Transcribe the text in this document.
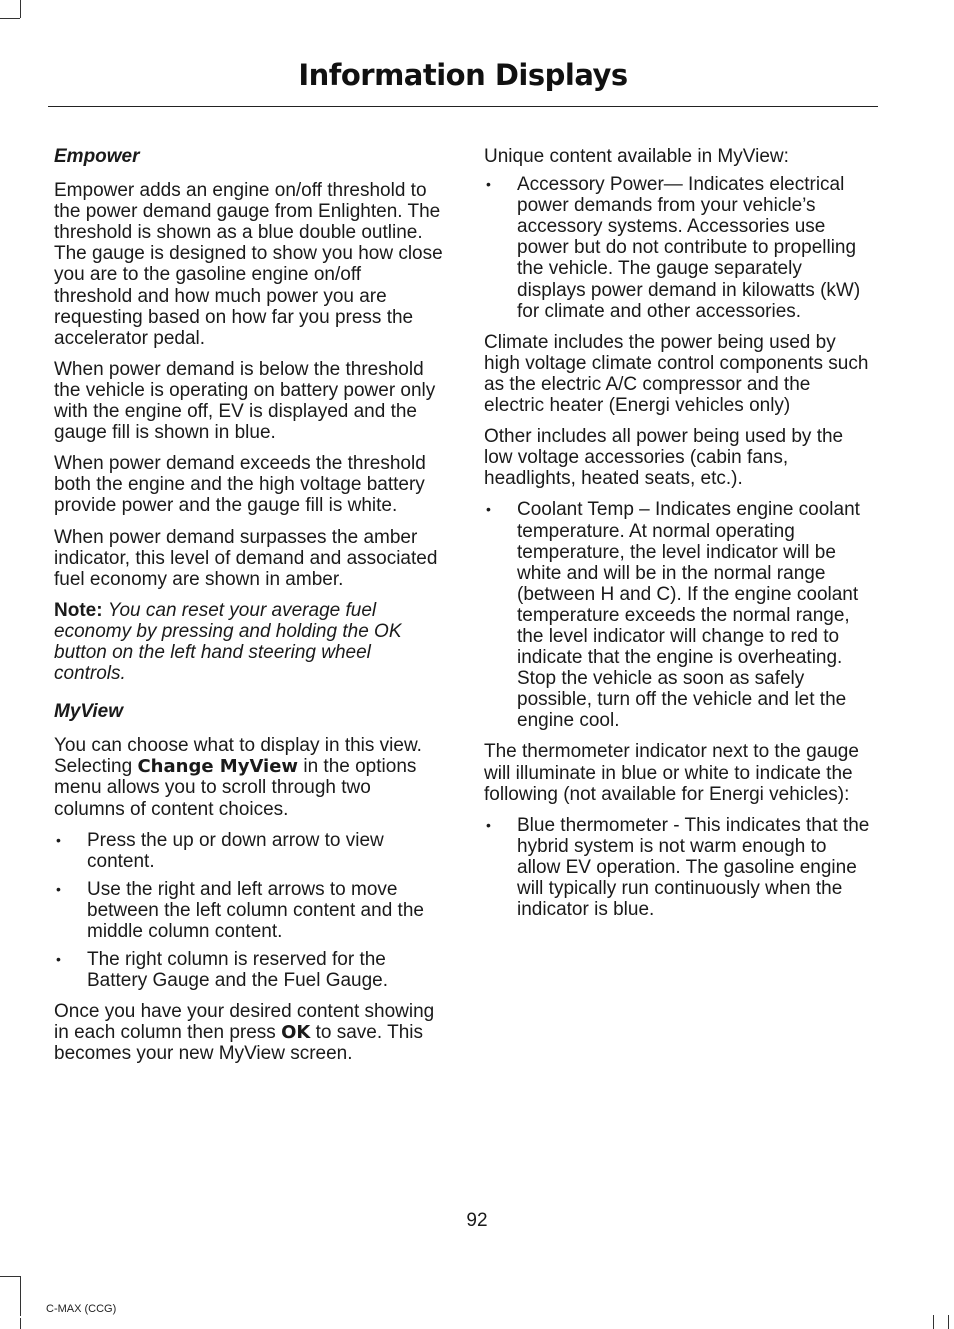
Information Displays
Empower

Empower adds an engine on/off threshold to the power demand gauge from Enlighten. The threshold is shown as a blue double outline. The gauge is designed to show you how close you are to the gasoline engine on/off threshold and how much power you are requesting based on how far you press the accelerator pedal.

When power demand is below the threshold the vehicle is operating on battery power only with the engine off, EV is displayed and the gauge fill is shown in blue.

When power demand exceeds the threshold both the engine and the high voltage battery provide power and the gauge fill is white.

When power demand surpasses the amber indicator, this level of demand and associated fuel economy are shown in amber.

Note: You can reset your average fuel economy by pressing and holding the OK button on the left hand steering wheel controls.

MyView

You can choose what to display in this view. Selecting Change MyView in the options menu allows you to scroll through two columns of content choices.

• Press the up or down arrow to view content.
• Use the right and left arrows to move between the left column content and the middle column content.
• The right column is reserved for the Battery Gauge and the Fuel Gauge.

Once you have your desired content showing in each column then press OK to save. This becomes your new MyView screen.

Unique content available in MyView:

• Accessory Power— Indicates electrical power demands from your vehicle’s accessory systems. Accessories use power but do not contribute to propelling the vehicle. The gauge separately displays power demand in kilowatts (kW) for climate and other accessories.

Climate includes the power being used by high voltage climate control components such as the electric A/C compressor and the electric heater (Energi vehicles only)

Other includes all power being used by the low voltage accessories (cabin fans, headlights, heated seats, etc.).

• Coolant Temp – Indicates engine coolant temperature. At normal operating temperature, the level indicator will be white and will be in the normal range (between H and C). If the engine coolant temperature exceeds the normal range, the level indicator will change to red to indicate that the engine is overheating. Stop the vehicle as soon as safely possible, turn off the vehicle and let the engine cool.

The thermometer indicator next to the gauge will illuminate in blue or white to indicate the following (not available for Energi vehicles):

• Blue thermometer - This indicates that the hybrid system is not warm enough to allow EV operation. The gasoline engine will typically run continuously when the indicator is blue.
92
C-MAX (CCG)
